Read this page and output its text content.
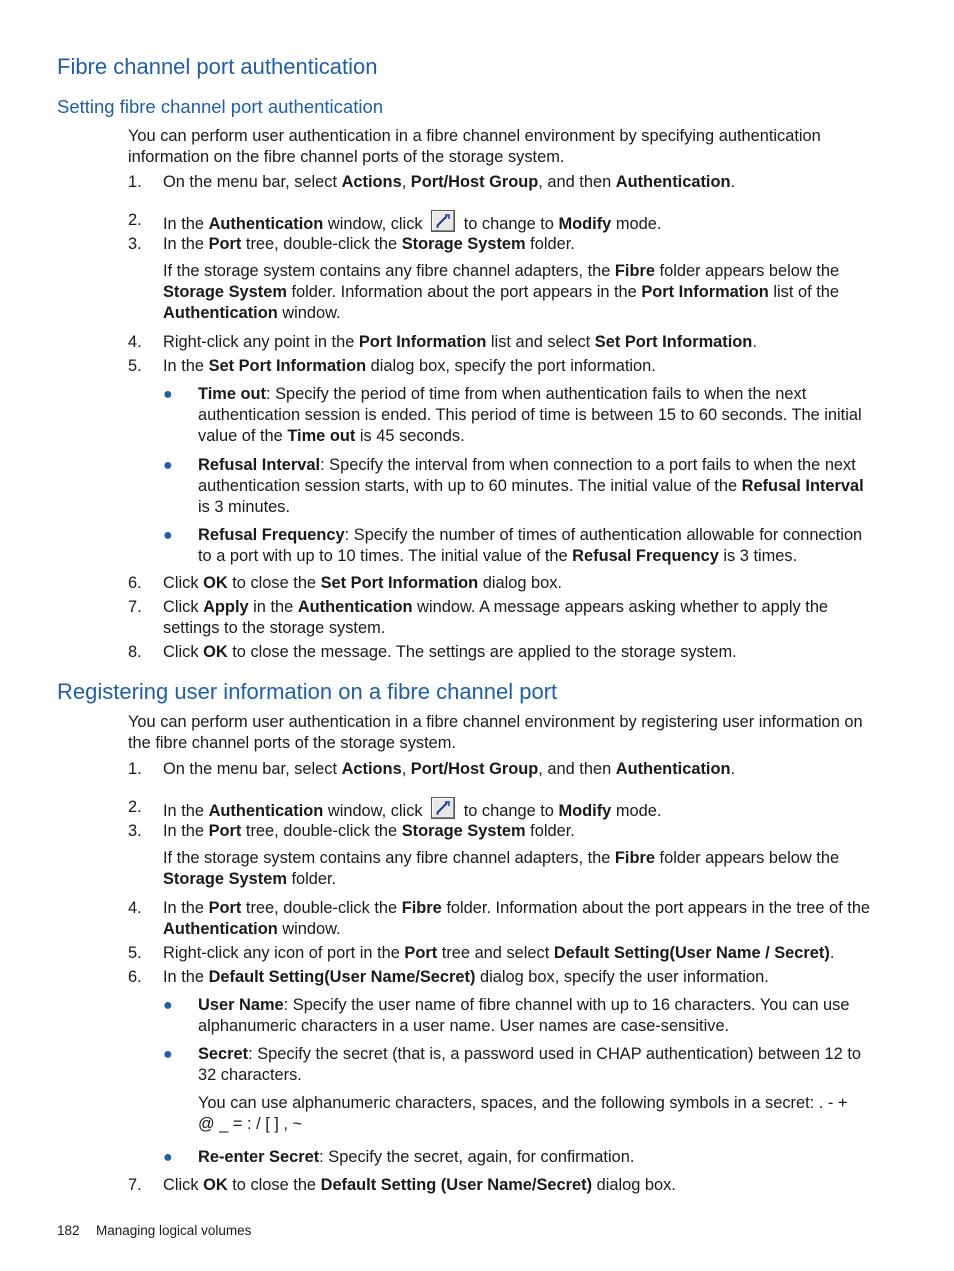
Fibre channel port authentication
Setting fibre channel port authentication

You can perform user authentication in a fibre channel environment by specifying authentication information on the fibre channel ports of the storage system.

1. On the menu bar, select Actions, Port/Host Group, and then Authentication.
2. In the Authentication window, click
to change to Modify mode.
3. In the Port tree, double-click the Storage System folder.
If the storage system contains any fibre channel adapters, the Fibre folder appears below the Storage System folder. Information about the port appears in the Port Information list of the Authentication window.
4. Right-click any point in the Port Information list and select Set Port Information.
5. In the Set Port Information dialog box, specify the port information.
● Time out: Specify the period of time from when authentication fails to when the next authentication session is ended. This period of time is between 15 to 60 seconds. The initial value of the Time out is 45 seconds.
● Refusal Interval: Specify the interval from when connection to a port fails to when the next authentication session starts, with up to 60 minutes. The initial value of the Refusal Interval is 3 minutes.
● Refusal Frequency: Specify the number of times of authentication allowable for connection to a port with up to 10 times. The initial value of the Refusal Frequency is 3 times.
6. Click OK to close the Set Port Information dialog box.
7. Click Apply in the Authentication window. A message appears asking whether to apply the settings to the storage system.
8. Click OK to close the message. The settings are applied to the storage system.
Registering user information on a fibre channel port

You can perform user authentication in a fibre channel environment by registering user information on the fibre channel ports of the storage system.

1. On the menu bar, select Actions, Port/Host Group, and then Authentication.
2. In the Authentication window, click
to change to Modify mode.
3. In the Port tree, double-click the Storage System folder.
If the storage system contains any fibre channel adapters, the Fibre folder appears below the Storage System folder.
4. In the Port tree, double-click the Fibre folder. Information about the port appears in the tree of the Authentication window.
5. Right-click any icon of port in the Port tree and select Default Setting(User Name / Secret).
6. In the Default Setting(User Name/Secret) dialog box, specify the user information.
● User Name: Specify the user name of fibre channel with up to 16 characters. You can use alphanumeric characters in a user name. User names are case-sensitive.
● Secret: Specify the secret (that is, a password used in CHAP authentication) between 12 to 32 characters.
You can use alphanumeric characters, spaces, and the following symbols in a secret: . - + @ _ = : / [ ] , ~
● Re-enter Secret: Specify the secret, again, for confirmation.
7. Click OK to close the Default Setting (User Name/Secret) dialog box.
182 Managing logical volumes
